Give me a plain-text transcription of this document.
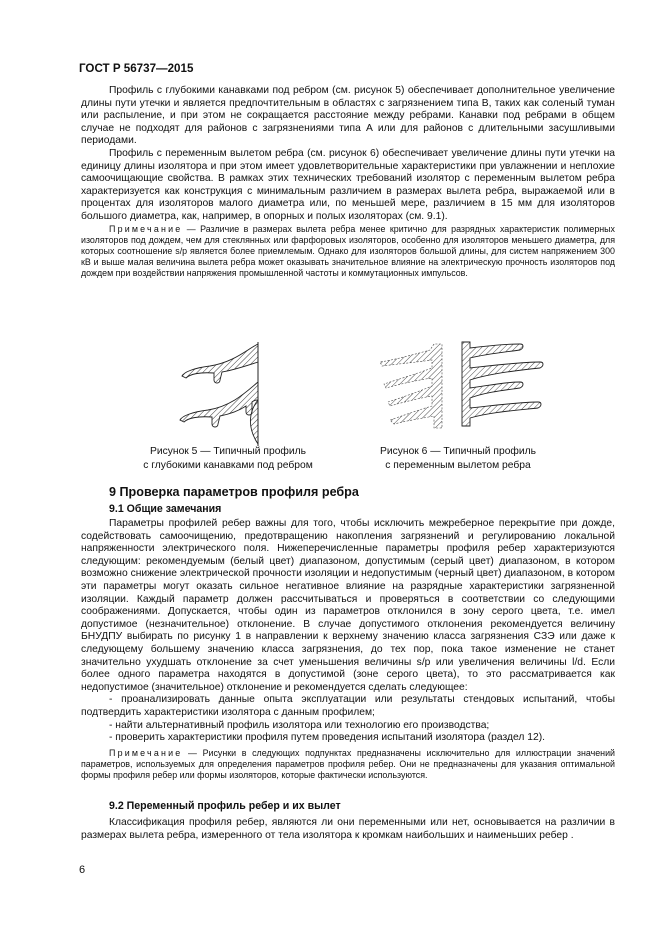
ГОСТ Р 56737—2015

Профиль с глубокими канавками под ребром (см. рисунок 5) обеспечивает дополнительное увеличение длины пути утечки и является предпочтительным в областях с загрязнением типа В, таких как соленый туман или распыление, и при этом не сокращается расстояние между ребрами. Канавки под ребрами в общем случае не подходят для районов с загрязнениями типа А или для районов с длительными засушливыми периодами.

Профиль с переменным вылетом ребра (см. рисунок 6) обеспечивает увеличение длины пути утечки на единицу длины изолятора и при этом имеет удовлетворительные характеристики при увлажнении и неплохие самоочищающие свойства. В рамках этих технических требований изолятор с переменным вылетом ребра характеризуется как конструкция с минимальным различием в размерах вылета ребра, выражаемой или в процентах для изоляторов малого диаметра или, по меньшей мере, различием в 15 мм для изоляторов большого диаметра, как, например, в опорных и полых изоляторах (см. 9.1).

Примечание — Различие в размерах вылета ребра менее критично для разрядных характеристик полимерных изоляторов под дождем, чем для стеклянных или фарфоровых изоляторов, особенно для изоляторов меньшего диаметра, для которых соотношение s/p является более приемлемым. Однако для изоляторов большой длины, для систем напряжением 300 кВ и выше малая величина вылета ребра может оказывать значительное влияние на электрическую прочность изоляторов под дождем при воздействии напряжения промышленной частоты и коммутационных импульсов.

Рисунок 5 — Типичный профиль
с глубокими канавками под ребром
Рисунок 6 — Типичный профиль
с переменным вылетом ребра
9 Проверка параметров профиля ребра
9.1 Общие замечания

Параметры профилей ребер важны для того, чтобы исключить межреберное перекрытие при дожде, содействовать самоочищению, предотвращению накопления загрязнений и регулированию локальной напряженности электрического поля. Нижеперечисленные параметры профиля ребер характеризуются следующим: рекомендуемым (белый цвет) диапазоном, допустимым (серый цвет) диапазоном, в котором возможно снижение электрической прочности изоляции и недопустимым (черный цвет) диапазоном, в котором эти параметры могут оказать сильное негативное влияние на разрядные характеристики загрязненной изоляции. Каждый параметр должен рассчитываться и проверяться в соответствии со следующими соображениями. Допускается, чтобы один из параметров отклонился в зону серого цвета, т.е. имел допустимое (незначительное) отклонение. В случае допустимого отклонения рекомендуется величину БНУДПУ выбирать по рисунку 1 в направлении к верхнему значению класса загрязнения СЗЭ или даже к следующему большему значению класса загрязнения, до тех пор, пока такое изменение не станет значительно ухудшать отклонение за счет уменьшения величины s/p или увеличения величины l/d. Если более одного параметра находятся в допустимой (зоне серого цвета), то это рассматривается как недопустимое (значительное) отклонение и рекомендуется сделать следующее:

- проанализировать данные опыта эксплуатации или результаты стендовых испытаний, чтобы подтвердить характеристики изолятора с данным профилем;

- найти альтернативный профиль изолятора или технологию его производства;

- проверить характеристики профиля путем проведения испытаний изолятора (раздел 12).

Примечание — Рисунки в следующих подпунктах предназначены исключительно для иллюстрации значений параметров, используемых для определения параметров профиля ребер. Они не предназначены для указания оптимальной формы профиля ребер или формы изоляторов, которые фактически используются.

9.2 Переменный профиль ребер и их вылет

Классификация профиля ребер, являются ли они переменными или нет, основывается на различии в размерах вылета ребра, измеренного от тела изолятора к кромкам наибольших и наименьших ребер .

6
